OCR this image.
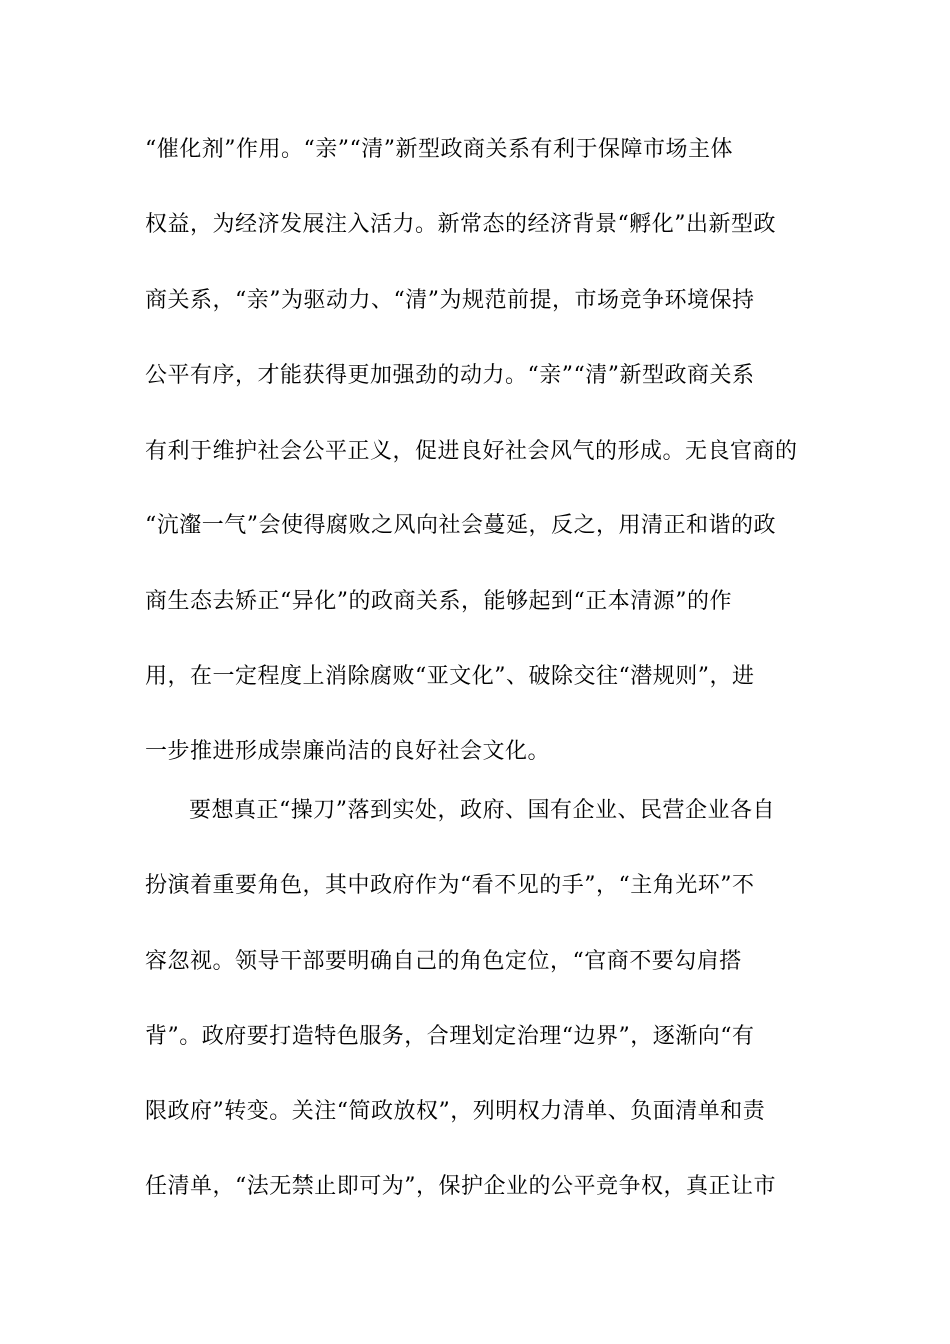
“催化剂”作用。“亲”“清”新型政商关系有利于保障市场主体
权益，为经济发展注入活力。新常态的经济背景“孵化”出新型政
商关系，“亲”为驱动力、“清”为规范前提，市场竞争环境保持
公平有序，才能获得更加强劲的动力。“亲”“清”新型政商关系
有利于维护社会公平正义，促进良好社会风气的形成。无良官商的
“沆瀣一气”会使得腐败之风向社会蔓延，反之，用清正和谐的政
商生态去矫正“异化”的政商关系，能够起到“正本清源”的作
用，在一定程度上消除腐败“亚文化”、破除交往“潜规则”，进
一步推进形成崇廉尚洁的良好社会文化。
要想真正“操刀”落到实处，政府、国有企业、民营企业各自
扮演着重要角色，其中政府作为“看不见的手”，“主角光环”不
容忽视。领导干部要明确自己的角色定位，“官商不要勾肩搭
背”。政府要打造特色服务，合理划定治理“边界”，逐渐向“有
限政府”转变。关注“简政放权”，列明权力清单、负面清单和责
任清单，“法无禁止即可为”，保护企业的公平竞争权，真正让市
